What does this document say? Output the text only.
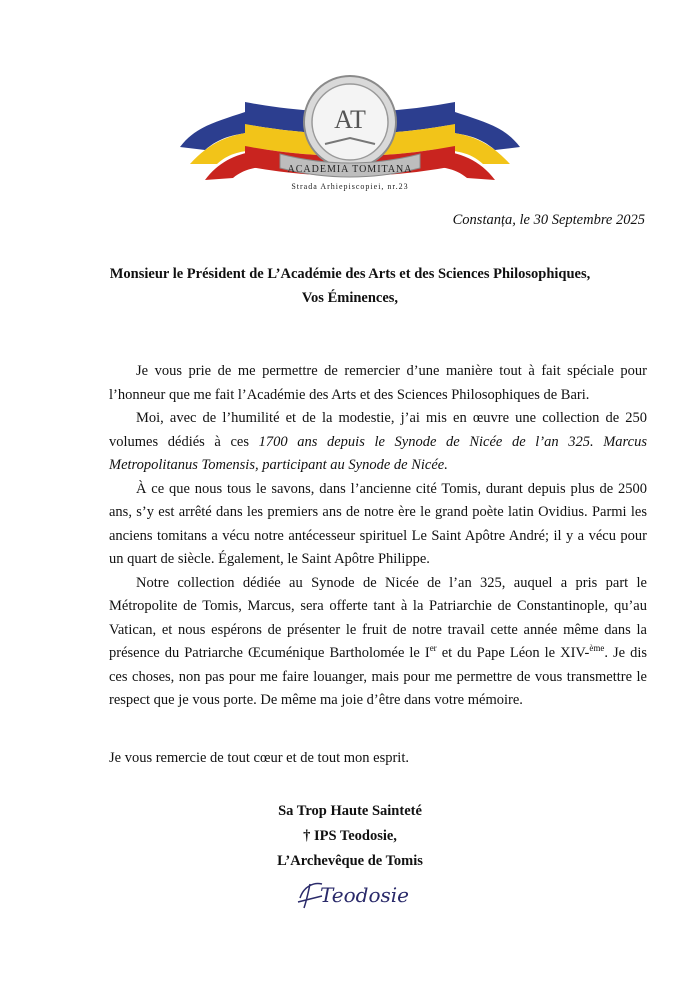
AT
ACADEMIA TOMITANA
Strada Arhiepiscopiei, nr.23
Constanța, le 30 Septembre 2025
Monsieur le Président de L’Académie des Arts et des Sciences Philosophiques,
Vos Éminences,

Je vous prie de me permettre de remercier d’une manière tout à fait spéciale pour l’honneur que me fait l’Académie des Arts et des Sciences Philosophiques de Bari.

Moi, avec de l’humilité et de la modestie, j’ai mis en œuvre une collection de 250 volumes dédiés à ces 1700 ans depuis le Synode de Nicée de l’an 325. Marcus Metropolitanus Tomensis, participant au Synode de Nicée.

À ce que nous tous le savons, dans l’ancienne cité Tomis, durant depuis plus de 2500 ans, s’y est arrêté dans les premiers ans de notre ère le grand poète latin Ovidius. Parmi les anciens tomitans a vécu notre antécesseur spirituel Le Saint Apôtre André; il y a vécu pour un quart de siècle. Également, le Saint Apôtre Philippe.

Notre collection dédiée au Synode de Nicée de l’an 325, auquel a pris part le Métropolite de Tomis, Marcus, sera offerte tant à la Patriarchie de Constantinople, qu’au Vatican, et nous espérons de présenter le fruit de notre travail cette année même dans la présence du Patriarche Œcuménique Bartholomée le Ier et du Pape Léon le XIV-$^{ème}$. Je dis ces choses, non pas pour me faire louanger, mais pour me permettre de vous transmettre le respect que je vous porte. De même ma joie d’être dans votre mémoire.

Je vous remercie de tout cœur et de tout mon esprit.
Sa Trop Haute Sainteté
† IPS Teodosie,
L’Archevêque de Tomis
Teodosie
